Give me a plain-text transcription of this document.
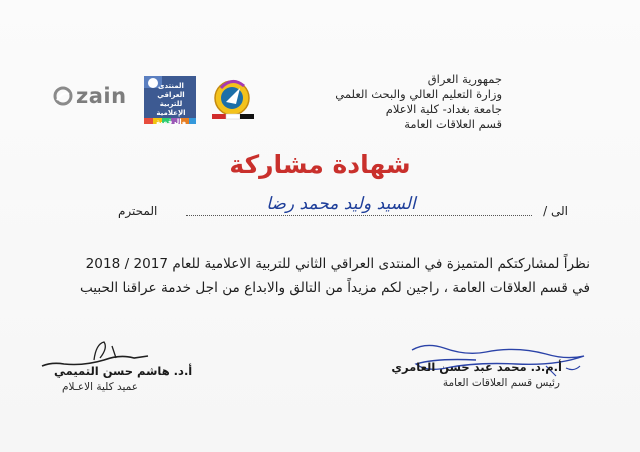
جمهورية العراق
وزارة التعليم العالي والبحث العلمي
جامعة بغداد- كلية الاعلام
قسم العلاقات العامة
zain	المنتدى العراقي للتربية الإعلامية والرقمية
شهادة مشاركة
الى /
السيد وليد محمد رضا
المحترم
نظراً لمشاركتكم المتميزة في المنتدى العراقي الثاني للتربية الاعلامية للعام 2017 / 2018
في قسم العلاقات العامة ، راجين لكم مزيداً من التالق والابداع من اجل خدمة عراقنا الحبيب
أ.م.د. محمد عبد حسن العامري
رئيس قسم العلاقات العامة
أ.د. هاشم حسن التميمي
عميد كلية الاعـلام
